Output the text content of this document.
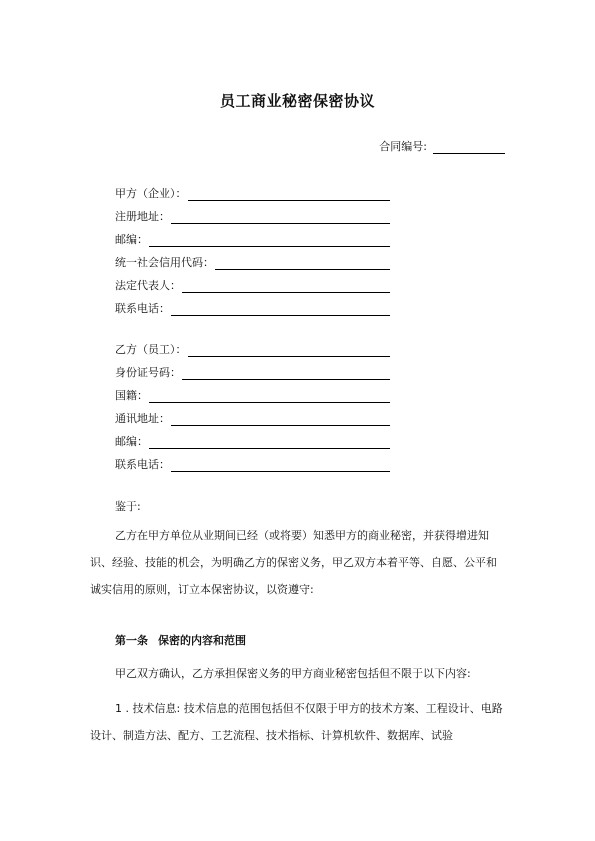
员工商业秘密保密协议
合同编号:
甲方（企业）：
注册地址：
邮编：
统一社会信用代码：
法定代表人：
联系电话：
乙方（员工）：
身份证号码：
国籍：
通讯地址：
邮编：
联系电话：
鉴于:
乙方在甲方单位从业期间已经（或将要）知悉甲方的商业秘密，并获得增进知识、经验、技能的机会，为明确乙方的保密义务，甲乙双方本着平等、自愿、公平和诚实信用的原则，订立本保密协议，以资遵守:
第一条 保密的内容和范围
甲乙双方确认，乙方承担保密义务的甲方商业秘密包括但不限于以下内容:
1 . 技术信息: 技术信息的范围包括但不仅限于甲方的技术方案、工程设计、电路设计、制造方法、配方、工艺流程、技术指标、计算机软件、数据库、试验
